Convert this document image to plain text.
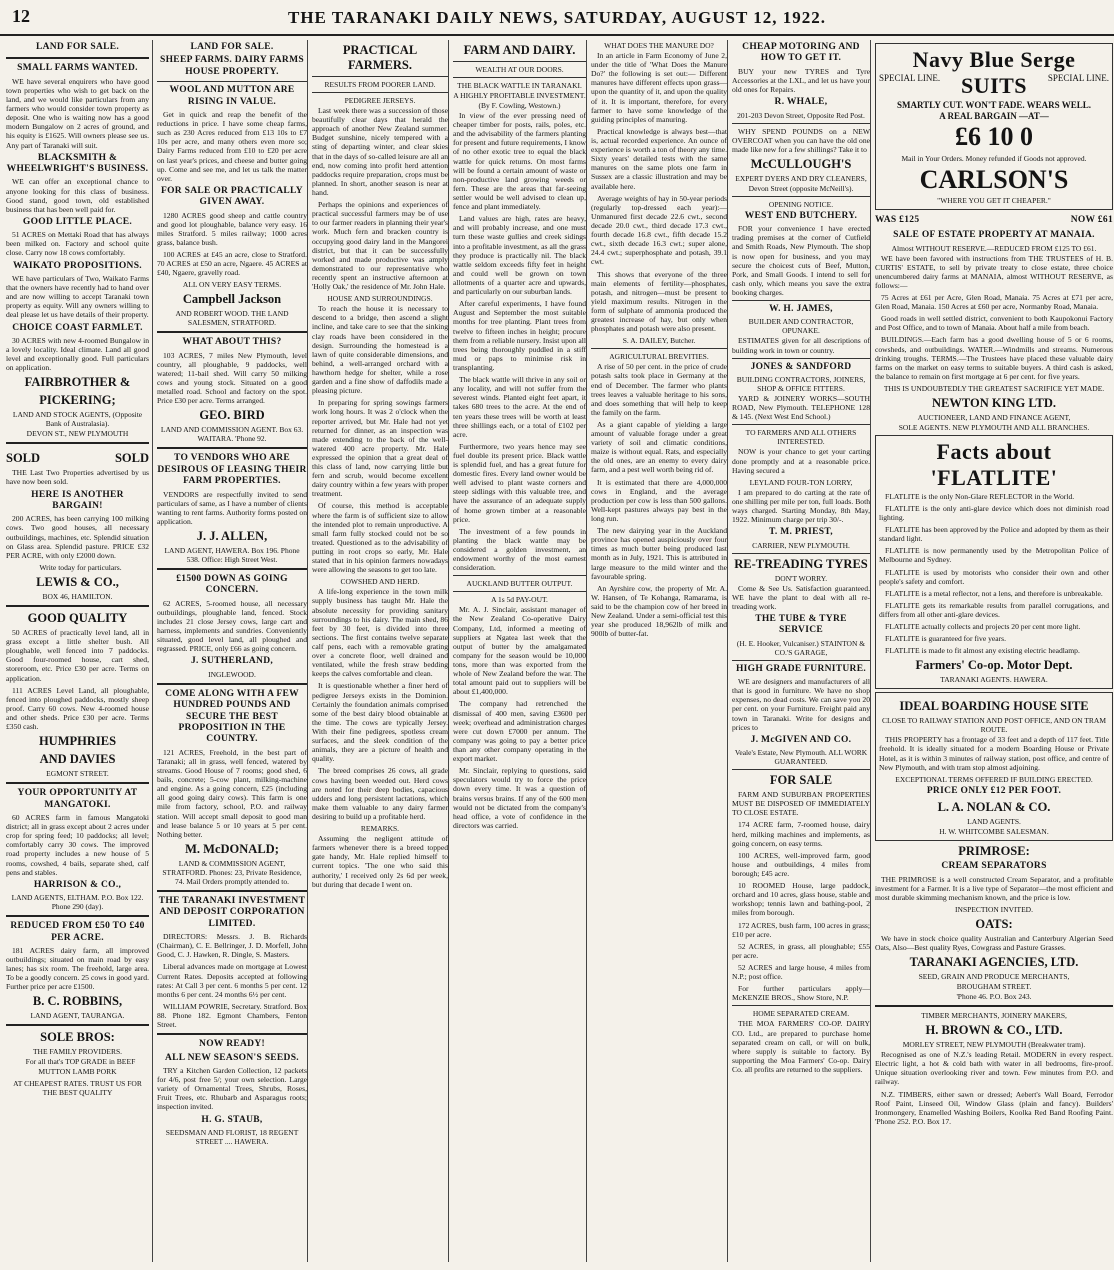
12	THE TARANAKI DAILY NEWS, SATURDAY, AUGUST 12, 1922.
LAND FOR SALE.
SMALL FARMS WANTED.

WE have several enquirers who have good town properties who wish to get back on the land, and we would like particulars from any farmers who would consider town property as deposit. One who is waiting now has a good modern Bungalow on 2 acres of ground, and his equity is £1625. Will owners please see us. Any part of Taranaki will suit.

BLACKSMITH & WHEELWRIGHT'S BUSINESS.

WE can offer an exceptional chance to anyone looking for this class of business. Good stand, good town, old established business that has been well paid for.

GOOD LITTLE PLACE.

51 ACRES on Mettaki Road that has always been milked on. Factory and school quite close. Carry now 18 cows comfortably.

WAIKATO PROPOSITIONS.

WE have particulars of Two, Waikato Farms that the owners have recently had to hand over and are now willing to accept Taranaki town property as equity. Will any owners willing to deal please let us have details of their property.

CHOICE COAST FARMLET.

30 ACRES with new 4-roomed Bungalow in a lovely locality. Ideal climate. Land all good level and exceptionally good. Full particulars on application.

FAIRBROTHER &
PICKERING;
LAND AND STOCK AGENTS, (Opposite Bank of Australasia).
DEVON ST., NEW PLYMOUTH
SOLD	SOLD

THE Last Two Properties advertised by us have now been sold.

HERE IS ANOTHER BARGAIN!

200 ACRES, has been carrying 100 milking cows. Two good houses, all necessary outbuildings, machines, etc. Splendid situation on Glass area. Splendid pasture. PRICE £32 PER ACRE, with only £2000 down.

Write today for particulars.

LEWIS & CO.,
BOX 46, HAMILTON.
GOOD QUALITY

50 ACRES of practically level land, all in grass except a little shelter bush. All ploughable, well fenced into 7 paddocks. Good four-roomed house, cart shed, storeroom, etc. Price £30 per acre. Terms on application.

111 ACRES Level Land, all ploughable, fenced into ploughed paddocks, mostly sheep proof. Carry 60 cows. New 4-roomed house and other sheds. Price £30 per acre. Terms £350 cash.

HUMPHRIES
AND DAVIES
EGMONT STREET.
YOUR OPPORTUNITY AT MANGATOKI.

60 ACRES farm in famous Mangatoki district; all in grass except about 2 acres under crop for spring feed; 10 paddocks; all level; comfortably carry 30 cows. The improved road property includes a new house of 5 rooms, cowshed, 4 bails, separate shed, calf pens and stables.

HARRISON & CO.,
LAND AGENTS, ELTHAM. P.O. Box 122. Phone 290 (day).
REDUCED FROM £50 TO £40 PER ACRE.

181 ACRES dairy farm, all improved outbuildings; situated on main road by easy lanes; has six room. The freehold, large area. To be a goodly concern. 25 cows in good yard. Further price per acre £1500.

B. C. ROBBINS,
LAND AGENT, TAURANGA.
SOLE BROS:
THE FAMILY PROVIDERS.

For all that's TOP GRADE in BEEF MUTTON LAMB PORK

AT CHEAPEST RATES. TRUST US FOR THE BEST QUALITY
LAND FOR SALE.
SHEEP FARMS. DAIRY FARMS HOUSE PROPERTY.
WOOL AND MUTTON ARE RISING IN VALUE.

Get in quick and reap the benefit of the reductions in price. I have some cheap farms, such as 230 Acres reduced from £13 10s to £7 10s per acre, and many others even more so; Dairy Farms reduced from £10 to £20 per acre on last year's prices, and cheese and butter going up. Come and see me, and let us talk the matter over.

FOR SALE OR PRACTICALLY GIVEN AWAY.

1280 ACRES good sheep and cattle country and good lot ploughable, balance very easy. 16 miles Stratford. 5 miles railway; 1000 acres grass, balance bush.

100 ACRES at £45 an acre, close to Stratford. 70 ACRES at £50 an acre, Ngaere. 45 ACRES at £40, Ngaere, gravelly road.

ALL ON VERY EASY TERMS.
Campbell Jackson
AND ROBERT WOOD. THE LAND SALESMEN, STRATFORD.
WHAT ABOUT THIS?

103 ACRES, 7 miles New Plymouth, level country, all ploughable, 9 paddocks, well watered; 11-bail shed. Will carry 50 milking cows and young stock. Situated on a good metalled road. School and factory on the spot. Price £30 per acre. Terms arranged.

GEO. BIRD
LAND AND COMMISSION AGENT. Box 63. WAITARA. 'Phone 92.
TO VENDORS WHO ARE DESIROUS OF LEASING THEIR FARM PROPERTIES.

VENDORS are respectfully invited to send particulars of same, as I have a number of clients wanting to rent farms. Authority forms posted on application.

J. J. ALLEN,
LAND AGENT, HAWERA. Box 196. Phone 538. Office: High Street West.
£1500 DOWN AS GOING CONCERN.

62 ACRES, 5-roomed house, all necessary outbuildings, ploughable land, fenced. Stock includes 21 close Jersey cows, large cart and harness, implements and sundries. Conveniently situated, good level land, all ploughed and regrassed. PRICE, only £66 as going concern.

J. SUTHERLAND,
INGLEWOOD.
COME ALONG WITH A FEW HUNDRED POUNDS AND SECURE THE BEST PROPOSITION IN THE COUNTRY.

121 ACRES, Freehold, in the best part of Taranaki; all in grass, well fenced, watered by streams. Good House of 7 rooms; good shed, 6 bails, concrete; 5-cow plant, milking-machine and engine. As a going concern, £25 (including all good going dairy cows). This farm is one mile from factory, school, P.O. and railway station. Will accept small deposit to good man and lease balance 5 or 10 years at 5 per cent. Nothing better.

M. McDONALD;
LAND & COMMISSION AGENT, STRATFORD. Phones: 23, Private Residence, 74. Mail Orders promptly attended to.
THE TARANAKI INVESTMENT AND DEPOSIT CORPORATION LIMITED.

DIRECTORS: Messrs. J. B. Richards (Chairman), C. E. Bellringer, J. D. Morfell, John Good, C. J. Hawken, R. Dingle, S. Masters.

Liberal advances made on mortgage at Lowest Current Rates. Deposits accepted at following rates: At Call 3 per cent. 6 months 5 per cent. 12 months 6 per cent. 24 months 6½ per cent.

WILLIAM POWRIE, Secretary. Stratford. Box 88. Phone 182. Egmont Chambers, Fenton Street.

NOW READY!
ALL NEW SEASON'S SEEDS.

TRY a Kitchen Garden Collection, 12 packets for 4/6, post free 5/; your own selection. Large variety of Ornamental Trees, Shrubs, Roses, Fruit Trees, etc. Rhubarb and Asparagus roots; inspection invited.

H. G. STAUB,
SEEDSMAN AND FLORIST, 18 REGENT STREET .... HAWERA.
PRACTICAL FARMERS.
RESULTS FROM POORER LAND.
PEDIGREE JERSEYS.

Last week there was a succession of those beautifully clear days that herald the approach of another New Zealand summer. Budget sunshine, nicely tempered with a sting of departing winter, and clear skies that in the days of so-called leisure are all an end, now coming into profit herd attention paddocks require preparation, crops must be planned. In short, another season is near at hand.

Perhaps the opinions and experiences of practical successful farmers may be of use to our farmer readers in planning their year's work. Much fern and bracken country is occupying good dairy land in the Mangorei district, but that it can be successfully worked and made productive was amply demonstrated to our representative who recently spent an instructive afternoon at 'Holly Oak,' the residence of Mr. John Hale.

HOUSE AND SURROUNDINGS.

To reach the house it is necessary to descend to a bridge, then ascend a slight incline, and take care to see that the sinking clay roads have been considered in the design. Surrounding the homestead is a lawn of quite considerable dimensions, and behind, a well-arranged orchard with a hawthorn hedge for shelter, while a rose garden and a fine show of daffodils made a pleasing picture.

In preparing for spring sowings farmers work long hours. It was 2 o'clock when the reporter arrived, but Mr. Hale had not yet returned for dinner, as an inspection was made extending to the back of the well-watered 400 acre property. Mr. Hale expressed the opinion that a great deal of this class of land, now carrying little but fern and scrub, would become excellent dairy country within a few years with proper treatment.

Of course, this method is acceptable where the farm is of sufficient size to allow the intended plot to remain unproductive. A small farm fully stocked could not be so treated. Questioned as to the advisability of putting in root crops so early, Mr. Hale stated that in his opinion farmers nowadays were allowing the seasons to get too late.

COWSHED AND HERD.

A life-long experience in the town milk supply business has taught Mr. Hale the absolute necessity for providing sanitary surroundings to his dairy. The main shed, 86 feet by 30 feet, is divided into three sections. The first contains twelve separate calf pens, each with a removable grating over a concrete floor, well drained and ventilated, while the fresh straw bedding keeps the calves comfortable and clean.

It is questionable whether a finer herd of pedigree Jerseys exists in the Dominion. Certainly the foundation animals comprised some of the best dairy blood obtainable at the time. The cows are typically Jersey. With their fine pedigrees, spotless cream surfaces, and the sleek condition of the animals, they are a picture of health and quality.

The breed comprises 26 cows, all grade cows having been weeded out. Herd cows are noted for their deep bodies, capacious udders and long persistent lactations, which make them valuable to any dairy farmer desiring to build up a profitable herd.

REMARKS.

Assuming the negligent attitude of farmers whenever there is a breed topped gate handy, Mr. Hale replied himself to current topics. 'The one who said this authority,' I received only 2s 6d per week, but during that decade I went on.

FARM AND DAIRY.
WEALTH AT OUR DOORS.
THE BLACK WATTLE IN TARANAKI.
A HIGHLY PROFITABLE INVESTMENT.
(By F. Cowling, Westown.)

In view of the ever pressing need of cheaper timber for posts, rails, poles, etc. and the advisability of the farmers planting for present and future requirements, I know of no other exotic tree to equal the black wattle for quick returns. On most farms will be found a certain amount of waste or non-productive land growing weeds or fern. These are the areas that far-seeing settler would be well advised to clean up, fence and plant immediately.

Land values are high, rates are heavy, and will probably increase, and one must turn these waste gullies and creek sidings into a profitable investment, as all the grass they produce is practically nil. The black wattle seldom exceeds fifty feet in height and could well be grown on town allotments of a quarter acre and upwards, and particularly on our suburban lands.

After careful experiments, I have found August and September the most suitable months for tree planting. Plant trees from twelve to fifteen inches in height; procure them from a reliable nursery. Insist upon all trees being thoroughly puddled in a stiff mud or paps to minimise risk in transplanting.

The black wattle will thrive in any soil or any locality, and will not suffer from the severest winds. Planted eight feet apart, it takes 680 trees to the acre. At the end of ten years these trees will be worth at least three shillings each, or a total of £102 per acre.

Furthermore, two years hence may see fuel double its present price. Black wattle is splendid fuel, and has a great future for domestic fires. Every land owner would be well advised to plant waste corners and steep sidlings with this valuable tree, and have the assurance of an adequate supply of home grown timber at a reasonable price.

The investment of a few pounds in planting the black wattle may be considered a golden investment, an endowment worthy of the most earnest consideration.

AUCKLAND BUTTER OUTPUT.
A 1s 5d PAY-OUT.

Mr. A. J. Sinclair, assistant manager of the New Zealand Co-operative Dairy Company, Ltd, informed a meeting of suppliers at Ngatea last week that the output of butter by the amalgamated company for the season would be 10,000 tons, more than was exported from the whole of New Zealand before the war. The total amount paid out to suppliers will be about £1,400,000.

The company had retrenched the dismissal of 400 men, saving £3600 per week; overhead and administration charges were cut down £7000 per annum. The company was going to pay a better price than any other company operating in the export market.

Mr. Sinclair, replying to questions, said speculators would try to force the price down every time. It was a question of brains versus brains. If any of the 600 men would not be dictated from the company's head office, a vote of confidence in the directors was carried.

WHAT DOES THE MANURE DO?

In an article in Farm Economy of June 2, under the title of 'What Does the Manure Do?' the following is set out:— Different manures have different effects upon grass—upon the quantity of it, and upon the quality of it. It is important, therefore, for every farmer to have some knowledge of the guiding principles of manuring.

Practical knowledge is always best—that is, actual recorded experience. An ounce of experience is worth a ton of theory any time. Sixty years' detailed tests with the same manures on the same plots one farm in Sussex are a classic illustration and may be available here.

Average weights of hay in 50-year periods (regularly top-dressed each year):—Unmanured first decade 22.6 cwt., second decade 20.0 cwt., third decade 17.3 cwt., fourth decade 16.8 cwt., fifth decade 15.2 cwt., sixth decade 16.3 cwt.; super alone, 24.4 cwt.; superphosphate and potash, 39.1 cwt.

This shows that everyone of the three main elements of fertility—phosphates, potash, and nitrogen—must be present to yield maximum results. Nitrogen in the form of sulphate of ammonia produced the greatest increase of hay, but only when phosphates and potash were also present.

S. A. DAILEY, Butcher.
AGRICULTURAL BREVITIES.

A rise of 50 per cent. in the price of crude potash salts took place in Germany at the end of December. The farmer who plants trees leaves a valuable heritage to his sons, and does something that will help to keep the family on the farm.

As a giant capable of yielding a large amount of valuable forage under a great variety of soil and climatic conditions, maize is without equal. Rats, and especially the old ones, are an enemy to every dairy farm, and a pest well worth being rid of.

It is estimated that there are 4,000,000 cows in England, and the average production per cow is less than 500 gallons. Well-kept pastures always pay best in the long run.

The new dairying year in the Auckland province has opened auspiciously over four times as much butter being produced last month as in July, 1921. This is attributed in large measure to the mild winter and the favourable spring.

An Ayrshire cow, the property of Mr. A. W. Hansen, of Te Kohanga, Ramarama, is said to be the champion cow of her breed in New Zealand. Under a semi-official test this year she produced 18,962lb of milk and 900lb of butter-fat.

CHEAP MOTORING AND HOW TO GET IT.

BUY your new TYRES and Tyre Accessories at the LXL, and let us have your old ones for Repairs.

R. WHALE,
201-203 Devon Street, Opposite Red Post.

WHY SPEND POUNDS on a NEW OVERCOAT when you can have the old one made like new for a few shillings? Take it to

McCULLOUGH'S
EXPERT DYERS AND DRY CLEANERS,
Devon Street (opposite McNeill's).
OPENING NOTICE.
WEST END BUTCHERY.

FOR your convenience I have erected trading premises at the corner of Cutfield and Smith Roads, New Plymouth. The shop is now open for business, and you may secure the choicest cuts of Beef, Mutton, Pork, and Small Goods. I intend to sell for cash only, which means you save the extra booking charges.

W. H. JAMES,
BUILDER AND CONTRACTOR, OPUNAKE.

ESTIMATES given for all descriptions of building work in town or country.

JONES & SANDFORD
BUILDING CONTRACTORS, JOINERS, SHOP & OFFICE FITTERS.

YARD & JOINERY WORKS—SOUTH ROAD, New Plymouth. TELEPHONE 128 & 145. (Next West End School.)

TO FARMERS AND ALL OTHERS INTERESTED.

NOW is your chance to get your carting done promptly and at a reasonable price. Having secured a

LEYLAND FOUR-TON LORRY,

I am prepared to do carting at the rate of one shilling per mile per ton, full loads. Both ways charged. Starting Monday, 8th May, 1922. Minimum charge per trip 30/-.

T. M. PRIEST,
CARRIER, NEW PLYMOUTH.
RE-TREADING TYRES
DON'T WORRY.

Come & See Us. Satisfaction guaranteed. WE have the plant to deal with all re-treading work.

THE TUBE & TYRE SERVICE
(H. E. Hooker, Vulcaniser.) STAINTON & CO.'S GARAGE,
HIGH GRADE FURNITURE.

WE are designers and manufacturers of all that is good in furniture. We have no shop expenses, no dead costs. We can save you 20 per cent. on your Furniture. Freight paid any town in Taranaki. Write for designs and prices to

J. McGIVEN AND CO.
Veale's Estate, New Plymouth. ALL WORK GUARANTEED.
FOR SALE

FARM AND SUBURBAN PROPERTIES MUST BE DISPOSED OF IMMEDIATELY TO CLOSE ESTATE.

174 ACRE farm, 7-roomed house, dairy herd, milking machines and implements, as going concern, on easy terms.

100 ACRES, well-improved farm, good house and outbuildings, 4 miles from borough; £45 acre.

10 ROOMED House, large paddock, orchard and 10 acres, glass house, stable and workshop; tennis lawn and bathing-pool, 2 miles from borough.

172 ACRES, bush farm, 100 acres in grass; £10 per acre.

52 ACRES, in grass, all ploughable; £55 per acre.

52 ACRES and large house, 4 miles from N.P.; post office.

For further particulars apply— McKENZIE BROS., Show Store, N.P.

HOME SEPARATED CREAM.

THE MOA FARMERS' CO-OP. DAIRY CO. Ltd., are prepared to purchase home separated cream on call, or will on bulk, where supply is suitable to factory. By supporting the Moa Farmers' Co-op. Dairy Co. all profits are returned to the suppliers.

Navy Blue Serge
SPECIAL LINE. SUITS SPECIAL LINE.
SMARTLY CUT. WON'T FADE. WEARS WELL.
A REAL BARGAIN —AT—
£6 10 0
Mail in Your Orders. Money refunded if Goods not approved.
CARLSON'S
"WHERE YOU GET IT CHEAPER."
WAS £125	NOW £61
SALE OF ESTATE PROPERTY AT MANAIA.
Almost WITHOUT RESERVE.—REDUCED FROM £125 TO £61.

WE have been favored with instructions from THE TRUSTEES of H. B. CURTIS' ESTATE, to sell by private treaty to close estate, three choice unencumbered dairy farms at MANAIA, almost WITHOUT RESERVE, as follows:—

75 Acres at £61 per Acre, Glen Road, Manaia. 75 Acres at £71 per acre, Glen Road, Manaia. 150 Acres at £60 per acre, Normanby Road, Manaia.

Good roads in well settled district, convenient to both Kaupokonui Factory and Post Office, and to town of Manaia. About half a mile from beach.

BUILDINGS.—Each farm has a good dwelling house of 5 or 6 rooms, cowsheds, and outbuildings. WATER.—Windmills and streams. Numerous drinking troughs. TERMS.—The Trustees have placed these valuable dairy farms on the market on easy terms to suitable buyers. A third cash is asked, the balance to remain on first mortgage at 6 per cent. for five years.

THIS IS UNDOUBTEDLY THE GREATEST SACRIFICE YET MADE.
NEWTON KING LTD.
AUCTIONEER, LAND AND FINANCE AGENT,
SOLE AGENTS. NEW PLYMOUTH AND ALL BRANCHES.
Facts about 'FLATLITE'

FLATLITE is the only Non-Glare REFLECTOR in the World.

FLATLITE is the only anti-glare device which does not diminish road lighting.

FLATLITE has been approved by the Police and adopted by them as their standard light.

FLATLITE is now permanently used by the Metropolitan Police of Melbourne and Sydney.

FLATLITE is used by motorists who consider their own and other people's safety and comfort.

FLATLITE is a metal reflector, not a lens, and therefore is unbreakable.

FLATLITE gets its remarkable results from parallel corrugations, and differs from all other anti-glare devices.

FLATLITE actually collects and projects 20 per cent more light.

FLATLITE is guaranteed for five years.

FLATLITE is made to fit almost any existing electric headlamp.

Farmers' Co-op. Motor Dept.
TARANAKI AGENTS. HAWERA.
IDEAL BOARDING HOUSE SITE
CLOSE TO RAILWAY STATION AND POST OFFICE, AND ON TRAM ROUTE.

THIS PROPERTY has a frontage of 33 feet and a depth of 117 feet. Title freehold. It is ideally situated for a modern Boarding House or Private Hotel, as it is within 3 minutes of railway station, post office, and centre of New Plymouth, and with tram stop almost adjoining.

EXCEPTIONAL TERMS OFFERED IF BUILDING ERECTED.
PRICE ONLY £12 PER FOOT.
L. A. NOLAN & CO.
LAND AGENTS.
H. W. WHITCOMBE SALESMAN.
PRIMROSE:
CREAM SEPARATORS

THE PRIMROSE is a well constructed Cream Separator, and a profitable investment for a Farmer. It is a live type of Separator—the most efficient and most durable skimming mechanism known, and the price is low.

INSPECTION INVITED.
OATS:

We have in stock choice quality Australian and Canterbury Algerian Seed Oats, Also—Best quality Ryes, Cowgrass and Pasture Grasses.

TARANAKI AGENCIES, LTD.
SEED, GRAIN AND PRODUCE MERCHANTS,
BROUGHAM STREET.
'Phone 46. P.O. Box 243.
TIMBER MERCHANTS, JOINERY MAKERS,
H. BROWN & CO., LTD.
MORLEY STREET, NEW PLYMOUTH (Breakwater tram).

Recognised as one of N.Z.'s leading Retail. MODERN in every respect. Electric light, a hot & cold bath with water in all bedrooms, fire-proof. Unique situation overlooking river and town. Few minutes from P.O. and railway.

N.Z. TIMBERS, either sawn or dressed; Aebert's Wall Board, Ferrodor Roof Paint, Linseed Oil, Window Glass (plain and fancy). Builders' Ironmongery, Enamelled Washing Boilers, Koolka Red Band Roofing Paint. 'Phone 252. P.O. Box 17.
